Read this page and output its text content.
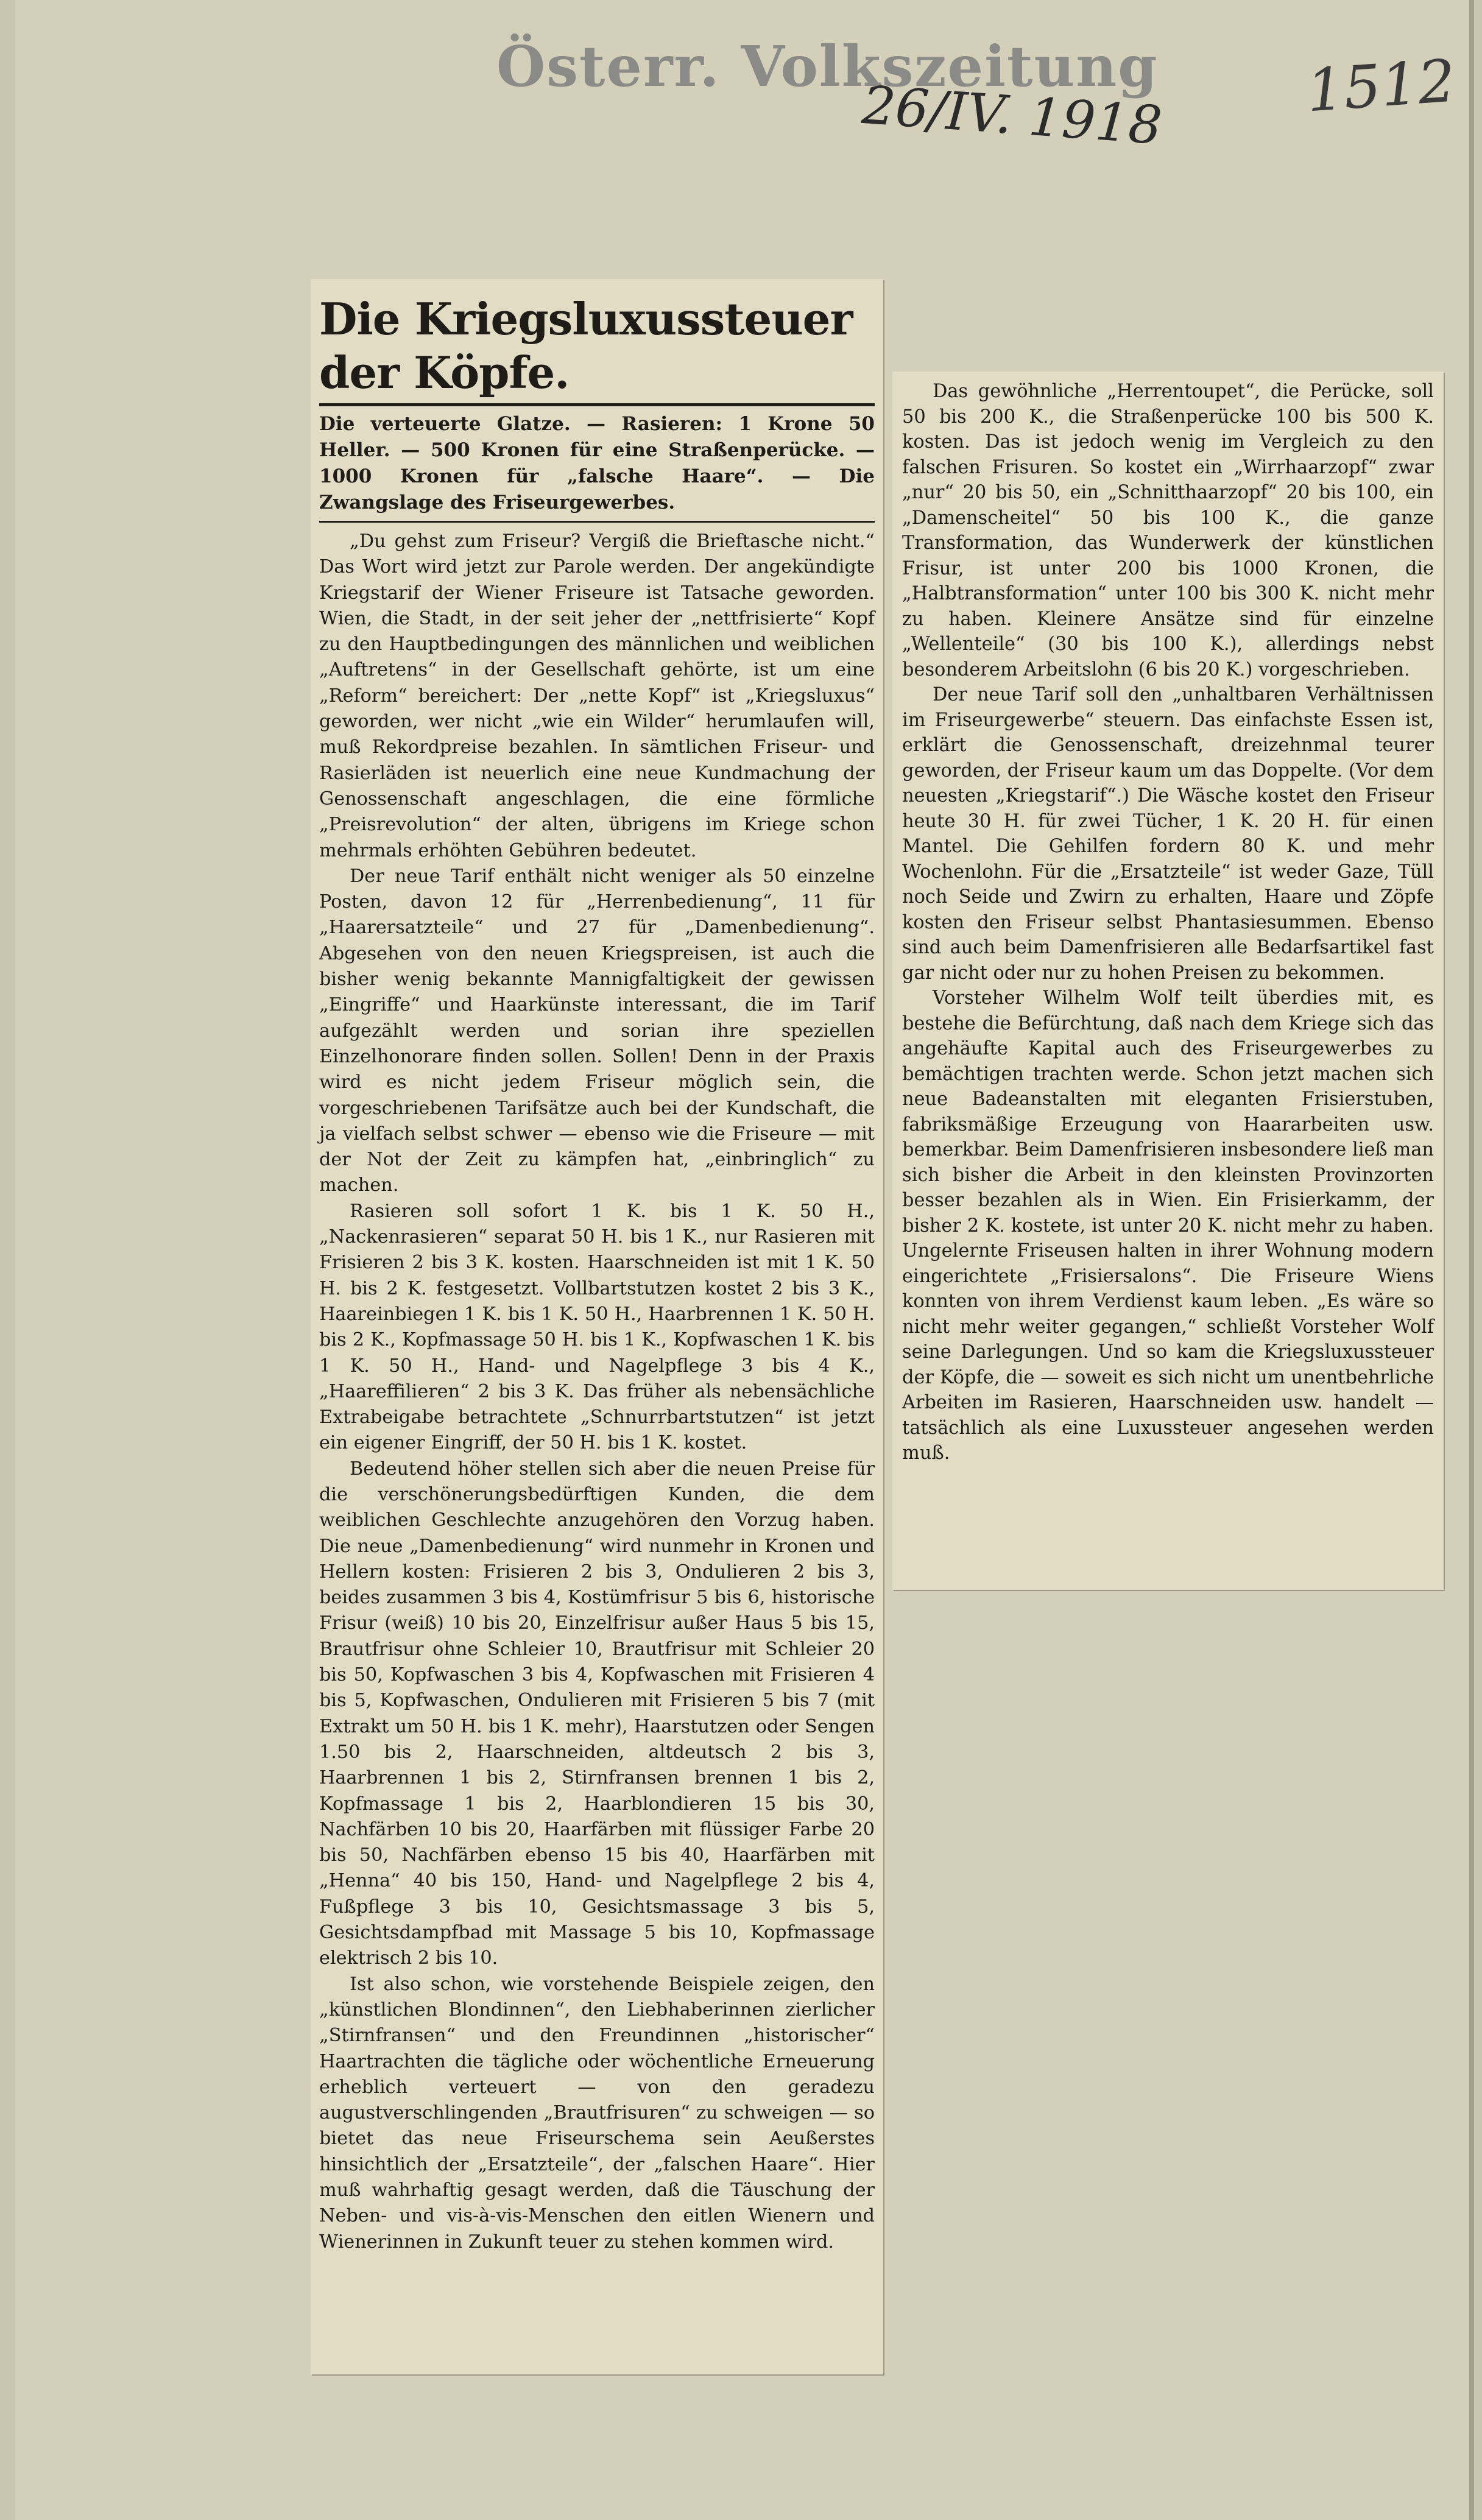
Österr. Volkszeitung
26/IV. 1918 1512
Die Kriegsluxussteuer der Köpfe.
Die verteuerte Glatze. — Rasieren: 1 Krone 50 Heller. — 500 Kronen für eine Straßenperücke. — 1000 Kronen für „falsche Haare“. — Die Zwangslage des Friseurgewerbes.

„Du gehst zum Friseur? Vergiß die Brieftasche nicht.“ Das Wort wird jetzt zur Parole werden. Der angekündigte Kriegstarif der Wiener Friseure ist Tatsache geworden. Wien, die Stadt, in der seit jeher der „nettfrisierte“ Kopf zu den Hauptbedingungen des männlichen und weiblichen „Auftretens“ in der Gesellschaft gehörte, ist um eine „Reform“ bereichert: Der „nette Kopf“ ist „Kriegsluxus“ geworden, wer nicht „wie ein Wilder“ herumlaufen will, muß Rekordpreise bezahlen. In sämtlichen Friseur- und Rasierläden ist neuerlich eine neue Kundmachung der Genossenschaft angeschlagen, die eine förmliche „Preisrevolution“ der alten, übrigens im Kriege schon mehrmals erhöhten Gebühren bedeutet.

Der neue Tarif enthält nicht weniger als 50 einzelne Posten, davon 12 für „Herrenbedienung“, 11 für „Haarersatzteile“ und 27 für „Damenbedienung“. Abgesehen von den neuen Kriegspreisen, ist auch die bisher wenig bekannte Mannigfaltigkeit der gewissen „Eingriffe“ und Haarkünste interessant, die im Tarif aufgezählt werden und sorian ihre speziellen Einzelhonorare finden sollen. Sollen! Denn in der Praxis wird es nicht jedem Friseur möglich sein, die vorgeschriebenen Tarifsätze auch bei der Kundschaft, die ja vielfach selbst schwer — ebenso wie die Friseure — mit der Not der Zeit zu kämpfen hat, „einbringlich“ zu machen.

Rasieren soll sofort 1 K. bis 1 K. 50 H., „Nackenrasieren“ separat 50 H. bis 1 K., nur Rasieren mit Frisieren 2 bis 3 K. kosten. Haarschneiden ist mit 1 K. 50 H. bis 2 K. festgesetzt. Vollbartstutzen kostet 2 bis 3 K., Haareinbiegen 1 K. bis 1 K. 50 H., Haarbrennen 1 K. 50 H. bis 2 K., Kopfmassage 50 H. bis 1 K., Kopfwaschen 1 K. bis 1 K. 50 H., Hand- und Nagelpflege 3 bis 4 K., „Haareffilieren“ 2 bis 3 K. Das früher als nebensächliche Extrabeigabe betrachtete „Schnurrbartstutzen“ ist jetzt ein eigener Eingriff, der 50 H. bis 1 K. kostet.

Bedeutend höher stellen sich aber die neuen Preise für die verschönerungsbedürftigen Kunden, die dem weiblichen Geschlechte anzugehören den Vorzug haben. Die neue „Damenbedienung“ wird nunmehr in Kronen und Hellern kosten: Frisieren 2 bis 3, Ondulieren 2 bis 3, beides zusammen 3 bis 4, Kostümfrisur 5 bis 6, historische Frisur (weiß) 10 bis 20, Einzelfrisur außer Haus 5 bis 15, Brautfrisur ohne Schleier 10, Brautfrisur mit Schleier 20 bis 50, Kopfwaschen 3 bis 4, Kopfwaschen mit Frisieren 4 bis 5, Kopfwaschen, Ondulieren mit Frisieren 5 bis 7 (mit Extrakt um 50 H. bis 1 K. mehr), Haarstutzen oder Sengen 1.50 bis 2, Haarschneiden, altdeutsch 2 bis 3, Haarbrennen 1 bis 2, Stirnfransen brennen 1 bis 2, Kopfmassage 1 bis 2, Haarblondieren 15 bis 30, Nachfärben 10 bis 20, Haarfärben mit flüssiger Farbe 20 bis 50, Nachfärben ebenso 15 bis 40, Haarfärben mit „Henna“ 40 bis 150, Hand- und Nagelpflege 2 bis 4, Fußpflege 3 bis 10, Gesichtsmassage 3 bis 5, Gesichtsdampfbad mit Massage 5 bis 10, Kopfmassage elektrisch 2 bis 10.

Ist also schon, wie vorstehende Beispiele zeigen, den „künstlichen Blondinnen“, den Liebhaberinnen zierlicher „Stirnfransen“ und den Freundinnen „historischer“ Haartrachten die tägliche oder wöchentliche Erneuerung erheblich verteuert — von den geradezu augustverschlingenden „Brautfrisuren“ zu schweigen — so bietet das neue Friseurschema sein Aeußerstes hinsichtlich der „Ersatzteile“, der „falschen Haare“. Hier muß wahrhaftig gesagt werden, daß die Täuschung der Neben- und vis-à-vis-Menschen den eitlen Wienern und Wienerinnen in Zukunft teuer zu stehen kommen wird.

Das gewöhnliche „Herrentoupet“, die Perücke, soll 50 bis 200 K., die Straßenperücke 100 bis 500 K. kosten. Das ist jedoch wenig im Vergleich zu den falschen Frisuren. So kostet ein „Wirrhaarzopf“ zwar „nur“ 20 bis 50, ein „Schnitthaarzopf“ 20 bis 100, ein „Damenscheitel“ 50 bis 100 K., die ganze Transformation, das Wunderwerk der künstlichen Frisur, ist unter 200 bis 1000 Kronen, die „Halbtransformation“ unter 100 bis 300 K. nicht mehr zu haben. Kleinere Ansätze sind für einzelne „Wellenteile“ (30 bis 100 K.), allerdings nebst besonderem Arbeitslohn (6 bis 20 K.) vorgeschrieben.

Der neue Tarif soll den „unhaltbaren Verhältnissen im Friseurgewerbe“ steuern. Das einfachste Essen ist, erklärt die Genossenschaft, dreizehnmal teurer geworden, der Friseur kaum um das Doppelte. (Vor dem neuesten „Kriegstarif“.) Die Wäsche kostet den Friseur heute 30 H. für zwei Tücher, 1 K. 20 H. für einen Mantel. Die Gehilfen fordern 80 K. und mehr Wochenlohn. Für die „Ersatzteile“ ist weder Gaze, Tüll noch Seide und Zwirn zu erhalten, Haare und Zöpfe kosten den Friseur selbst Phantasiesummen. Ebenso sind auch beim Damenfrisieren alle Bedarfsartikel fast gar nicht oder nur zu hohen Preisen zu bekommen.

Vorsteher Wilhelm Wolf teilt überdies mit, es bestehe die Befürchtung, daß nach dem Kriege sich das angehäufte Kapital auch des Friseurgewerbes zu bemächtigen trachten werde. Schon jetzt machen sich neue Badeanstalten mit eleganten Frisierstuben, fabriksmäßige Erzeugung von Haararbeiten usw. bemerkbar. Beim Damenfrisieren insbesondere ließ man sich bisher die Arbeit in den kleinsten Provinzorten besser bezahlen als in Wien. Ein Frisierkamm, der bisher 2 K. kostete, ist unter 20 K. nicht mehr zu haben. Ungelernte Friseusen halten in ihrer Wohnung modern eingerichtete „Frisiersalons“. Die Friseure Wiens konnten von ihrem Verdienst kaum leben. „Es wäre so nicht mehr weiter gegangen,“ schließt Vorsteher Wolf seine Darlegungen. Und so kam die Kriegsluxussteuer der Köpfe, die — soweit es sich nicht um unentbehrliche Arbeiten im Rasieren, Haarschneiden usw. handelt — tatsächlich als eine Luxussteuer angesehen werden muß.
